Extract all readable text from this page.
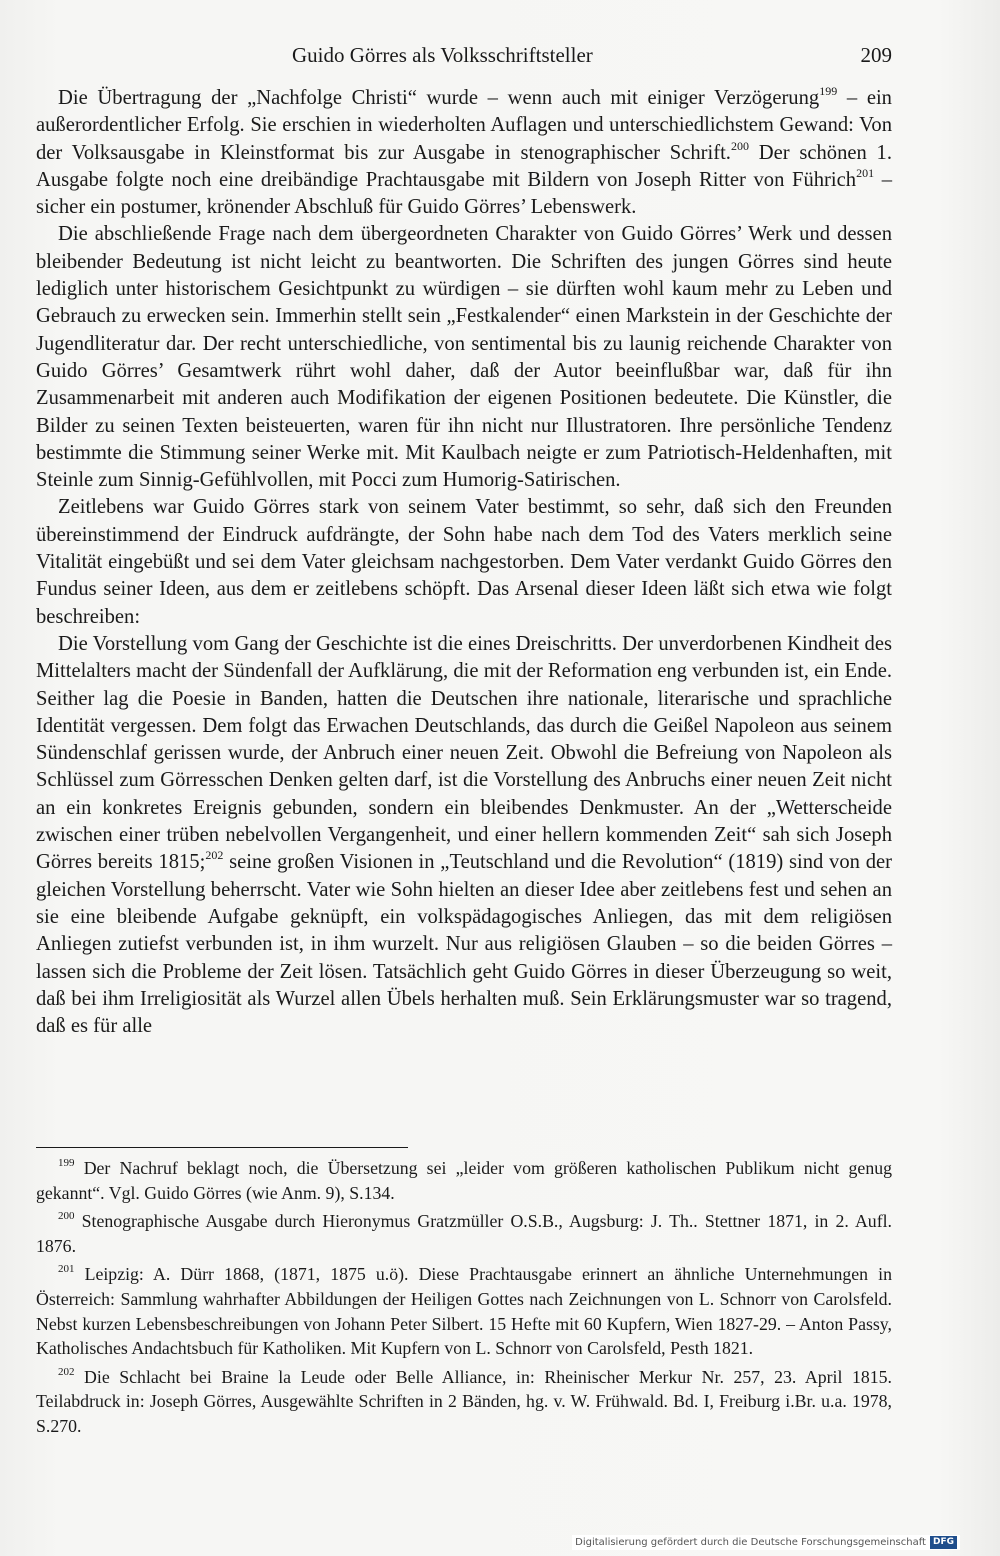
Guido Görres als Volksschriftsteller	209

Die Übertragung der „Nachfolge Christi“ wurde – wenn auch mit einiger Verzögerung$^{199}$ – ein außerordentlicher Erfolg. Sie erschien in wiederholten Auflagen und unterschiedlichstem Gewand: Von der Volksausgabe in Kleinstformat bis zur Ausgabe in stenographischer Schrift.$^{200}$ Der schönen 1. Ausgabe folgte noch eine dreibändige Prachtausgabe mit Bildern von Joseph Ritter von Führich$^{201}$ – sicher ein postumer, krönender Abschluß für Guido Görres’ Lebenswerk.

Die abschließende Frage nach dem übergeordneten Charakter von Guido Görres’ Werk und dessen bleibender Bedeutung ist nicht leicht zu beantworten. Die Schriften des jungen Görres sind heute lediglich unter historischem Gesichtpunkt zu würdigen – sie dürften wohl kaum mehr zu Leben und Gebrauch zu erwecken sein. Immerhin stellt sein „Festkalender“ einen Markstein in der Geschichte der Jugendliteratur dar. Der recht unterschiedliche, von sentimental bis zu launig reichende Charakter von Guido Görres’ Gesamtwerk rührt wohl daher, daß der Autor beeinflußbar war, daß für ihn Zusammenarbeit mit anderen auch Modifikation der eigenen Positionen bedeutete. Die Künstler, die Bilder zu seinen Texten beisteuerten, waren für ihn nicht nur Illustratoren. Ihre persönliche Tendenz bestimmte die Stimmung seiner Werke mit. Mit Kaulbach neigte er zum Patriotisch-Heldenhaften, mit Steinle zum Sinnig-Gefühlvollen, mit Pocci zum Humorig-Satirischen.

Zeitlebens war Guido Görres stark von seinem Vater bestimmt, so sehr, daß sich den Freunden übereinstimmend der Eindruck aufdrängte, der Sohn habe nach dem Tod des Vaters merklich seine Vitalität eingebüßt und sei dem Vater gleichsam nachgestorben. Dem Vater verdankt Guido Görres den Fundus seiner Ideen, aus dem er zeitlebens schöpft. Das Arsenal dieser Ideen läßt sich etwa wie folgt beschreiben:

Die Vorstellung vom Gang der Geschichte ist die eines Dreischritts. Der unverdorbenen Kindheit des Mittelalters macht der Sündenfall der Aufklärung, die mit der Reformation eng verbunden ist, ein Ende. Seither lag die Poesie in Banden, hatten die Deutschen ihre nationale, literarische und sprachliche Identität vergessen. Dem folgt das Erwachen Deutschlands, das durch die Geißel Napoleon aus seinem Sündenschlaf gerissen wurde, der Anbruch einer neuen Zeit. Obwohl die Befreiung von Napoleon als Schlüssel zum Görresschen Denken gelten darf, ist die Vorstellung des Anbruchs einer neuen Zeit nicht an ein konkretes Ereignis gebunden, sondern ein bleibendes Denkmuster. An der „Wetterscheide zwischen einer trüben nebelvollen Vergangenheit, und einer hellern kommenden Zeit“ sah sich Joseph Görres bereits 1815;$^{202}$ seine großen Visionen in „Teutschland und die Revolution“ (1819) sind von der gleichen Vorstellung beherrscht. Vater wie Sohn hielten an dieser Idee aber zeitlebens fest und sehen an sie eine bleibende Aufgabe geknüpft, ein volkspädagogisches Anliegen, das mit dem religiösen Anliegen zutiefst verbunden ist, in ihm wurzelt. Nur aus religiösen Glauben – so die beiden Görres – lassen sich die Probleme der Zeit lösen. Tatsächlich geht Guido Görres in dieser Überzeugung so weit, daß bei ihm Irreligiosität als Wurzel allen Übels herhalten muß. Sein Erklärungsmuster war so tragend, daß es für alle

$^{199}$ Der Nachruf beklagt noch, die Übersetzung sei „leider vom größeren katholischen Publikum nicht genug gekannt“. Vgl. Guido Görres (wie Anm. 9), S.134.

$^{200}$ Stenographische Ausgabe durch Hieronymus Gratzmüller O.S.B., Augsburg: J. Th.. Stettner 1871, in 2. Aufl. 1876.

$^{201}$ Leipzig: A. Dürr 1868, (1871, 1875 u.ö). Diese Prachtausgabe erinnert an ähnliche Unternehmungen in Österreich: Sammlung wahrhafter Abbildungen der Heiligen Gottes nach Zeichnungen von L. Schnorr von Carolsfeld. Nebst kurzen Lebensbeschreibungen von Johann Peter Silbert. 15 Hefte mit 60 Kupfern, Wien 1827-29. – Anton Passy, Katholisches Andachtsbuch für Katholiken. Mit Kupfern von L. Schnorr von Carolsfeld, Pesth 1821.

$^{202}$ Die Schlacht bei Braine la Leude oder Belle Alliance, in: Rheinischer Merkur Nr. 257, 23. April 1815. Teilabdruck in: Joseph Görres, Ausgewählte Schriften in 2 Bänden, hg. v. W. Frühwald. Bd. I, Freiburg i.Br. u.a. 1978, S.270.

Digitalisierung gefördert durch die Deutsche Forschungsgemeinschaft DFG
